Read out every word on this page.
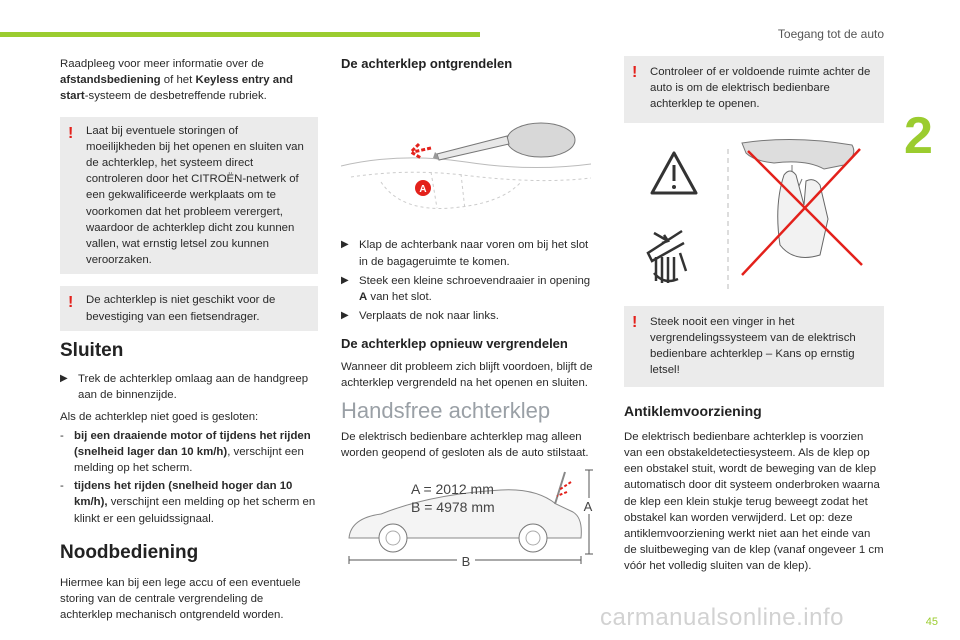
Toegang tot de auto
2
45

Raadpleeg voor meer informatie over de afstandsbediening of het Keyless entry and start-systeem de desbetreffende rubriek.

! Laat bij eventuele storingen of moeilijkheden bij het openen en sluiten van de achterklep, het systeem direct controleren door het CITROËN-netwerk of een gekwalificeerde werkplaats om te voorkomen dat het probleem verergert, waardoor de achterklep dicht zou kunnen vallen, wat ernstig letsel zou kunnen veroorzaken.
! De achterklep is niet geschikt voor de bevestiging van een fietsendrager.
Sluiten
▶ Trek de achterklep omlaag aan de handgreep aan de binnenzijde.

Als de achterklep niet goed is gesloten:

- bij een draaiende motor of tijdens het rijden (snelheid lager dan 10 km/h), verschijnt een melding op het scherm.
- tijdens het rijden (snelheid hoger dan 10 km/h), verschijnt een melding op het scherm en klinkt er een geluidssignaal.
Noodbediening

Hiermee kan bij een lege accu of een eventuele storing van de centrale vergrendeling de achterklep mechanisch ontgrendeld worden.

De achterklep ontgrendelen
A
▶ Klap de achterbank naar voren om bij het slot in de bagageruimte te komen.
▶ Steek een kleine schroevendraaier in opening A van het slot.
▶ Verplaats de nok naar links.
De achterklep opnieuw vergrendelen

Wanneer dit probleem zich blijft voordoen, blijft de achterklep vergrendeld na het openen en sluiten.

Handsfree achterklep

De elektrisch bedienbare achterklep mag alleen worden geopend of gesloten als de auto stilstaat.

A
B
A = 2012 mm
B = 4978 mm
! Controleer of er voldoende ruimte achter de auto is om de elektrisch bedienbare achterklep te openen.
! Steek nooit een vinger in het vergrendelingssysteem van de elektrisch bedienbare achterklep – Kans op ernstig letsel!
Antiklemvoorziening

De elektrisch bedienbare achterklep is voorzien van een obstakeldetectiesysteem. Als de klep op een obstakel stuit, wordt de beweging van de klep automatisch door dit systeem onderbroken waarna de klep een klein stukje terug beweegt zodat het obstakel kan worden verwijderd. Let op: deze antiklemvoorziening werkt niet aan het einde van de sluitbeweging van de klep (vanaf ongeveer 1 cm vóór het volledig sluiten van de klep).

carmanualsonline.info
